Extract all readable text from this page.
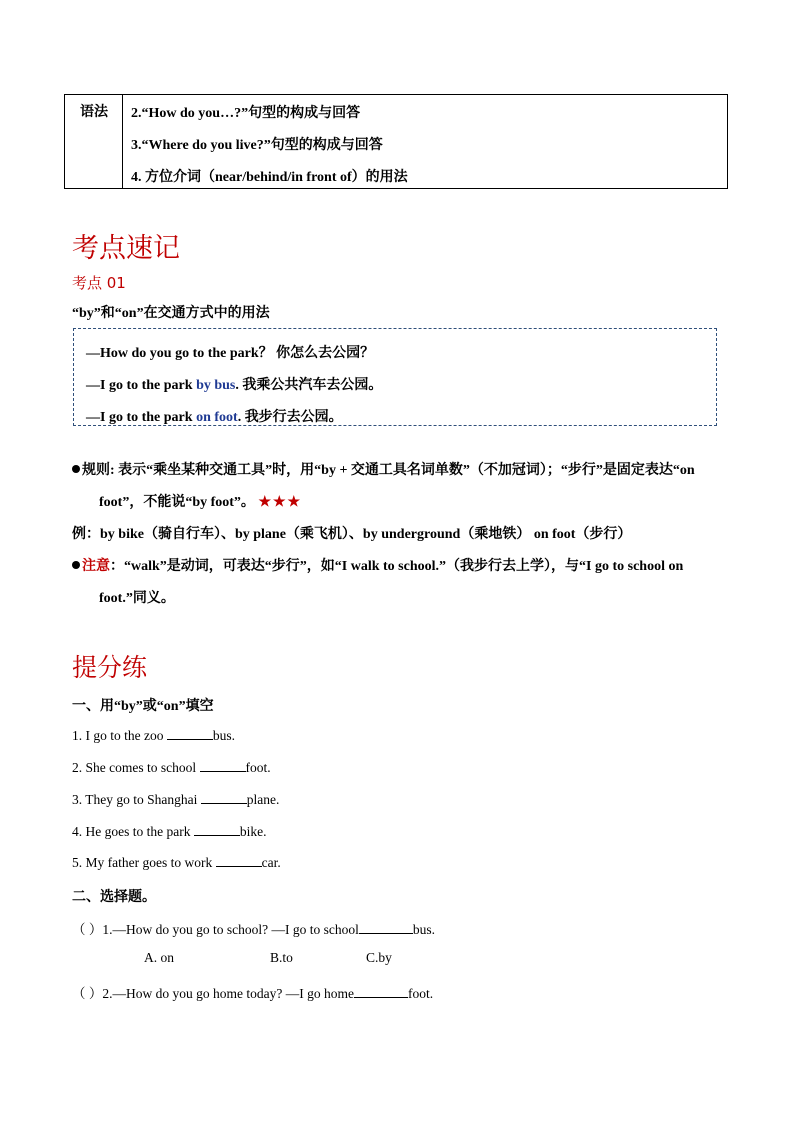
语法 2.“How do you…?”句型的构成与回答
3.“Where do you live?”句型的构成与回答
4. 方位介词（near/behind/in front of）的用法
考点速记
考点 01
“by”和“on”在交通方式中的用法
—How do you go to the park？ 你怎么去公园？
—I go to the park by bus. 我乘公共汽车去公园。
—I go to the park on foot. 我步行去公园。
规则: 表示“乘坐某种交通工具”时，用“by + 交通工具名词单数”（不加冠词）；“步行”是固定表达“on
foot”，不能说“by foot”。 ★★★
例：by bike（骑自行车）、by plane（乘飞机）、by underground（乘地铁） on foot（步行）
注意：“walk”是动词，可表达“步行”，如“I walk to school.”（我步行去上学），与“I go to school on
foot.”同义。
提分练
一、用“by”或“on”填空
1. I go to the zoo	bus.
2. She comes to school	foot.
3. They go to Shanghai	plane.
4. He goes to the park	bike.
5. My father goes to work	car.
二、选择题。
（ ）1.—How do you go to school? —I go to school	bus.
A. on	B.to	C.by
（ ）2.—How do you go home today? —I go home	foot.
